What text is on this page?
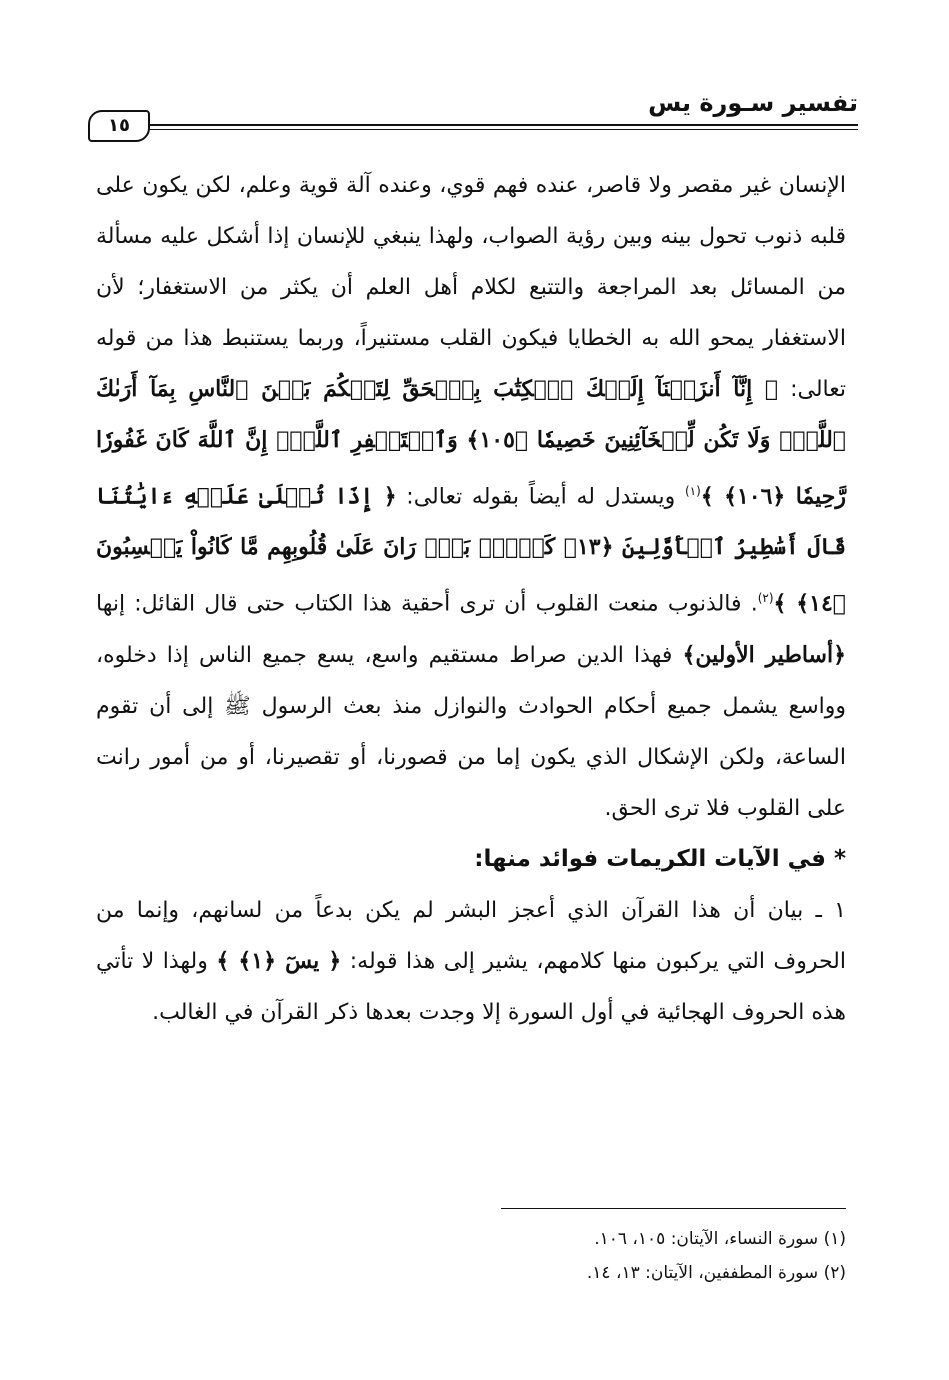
تفسير سـورة يس
١٥

الإنسان غير مقصر ولا قاصر، عنده فهم قوي، وعنده آلة قوية وعلم، لكن يكون على قلبه ذنوب تحول بينه وبين رؤية الصواب، ولهذا ينبغي للإنسان إذا أشكل عليه مسألة من المسائل بعد المراجعة والتتبع لكلام أهل العلم أن يكثر من الاستغفار؛ لأن الاستغفار يمحو الله به الخطايا فيكون القلب مستنيراً، وربما يستنبط هذا من قوله تعالى: ﴿ إِنَّآ أَنزَلۡنَآ إِلَيۡكَ ٱلۡكِتَٰبَ بِٱلۡحَقِّ لِتَحۡكُمَ بَيۡنَ ٱلنَّاسِ بِمَآ أَرَىٰكَ ٱللَّهُۚ وَلَا تَكُن لِّلۡخَآئِنِينَ خَصِيمٗا ﴿١٠٥﴾ وَٱسۡتَغۡفِرِ ٱللَّهَۖ إِنَّ ٱللَّهَ كَانَ غَفُورٗا رَّحِيمٗا ﴿١٠٦﴾ ﴾$^{(١)}$ ويستدل له أيضاً بقوله تعالى: ﴿ إِذَا تُتۡلَىٰ عَلَيۡهِ ءَايَٰتُنَا قَالَ أَسَٰطِيرُ ٱلۡأَوَّلِينَ ﴿١٣﴾ كَلَّاۖ بَلۡۜ رَانَ عَلَىٰ قُلُوبِهِم مَّا كَانُواْ يَكۡسِبُونَ ﴿١٤﴾ ﴾$^{(٢)}$. فالذنوب منعت القلوب أن ترى أحقية هذا الكتاب حتى قال القائل: إنها ﴿أساطير الأولين﴾ فهذا الدين صراط مستقيم واسع، يسع جميع الناس إذا دخلوه، وواسع يشمل جميع أحكام الحوادث والنوازل منذ بعث الرسول ﷺ إلى أن تقوم الساعة، ولكن الإشكال الذي يكون إما من قصورنا، أو تقصيرنا، أو من أمور رانت على القلوب فلا ترى الحق.

* في الآيات الكريمات فوائد منها:

١ ـ بيان أن هذا القرآن الذي أعجز البشر لم يكن بدعاً من لسانهم، وإنما من الحروف التي يركبون منها كلامهم، يشير إلى هذا قوله: ﴿ يسٓ ﴿١﴾ ﴾ ولهذا لا تأتي هذه الحروف الهجائية في أول السورة إلا وجدت بعدها ذكر القرآن في الغالب.

(١) سورة النساء، الآيتان: ١٠٥، ١٠٦.
(٢) سورة المطففين، الآيتان: ١٣، ١٤.
